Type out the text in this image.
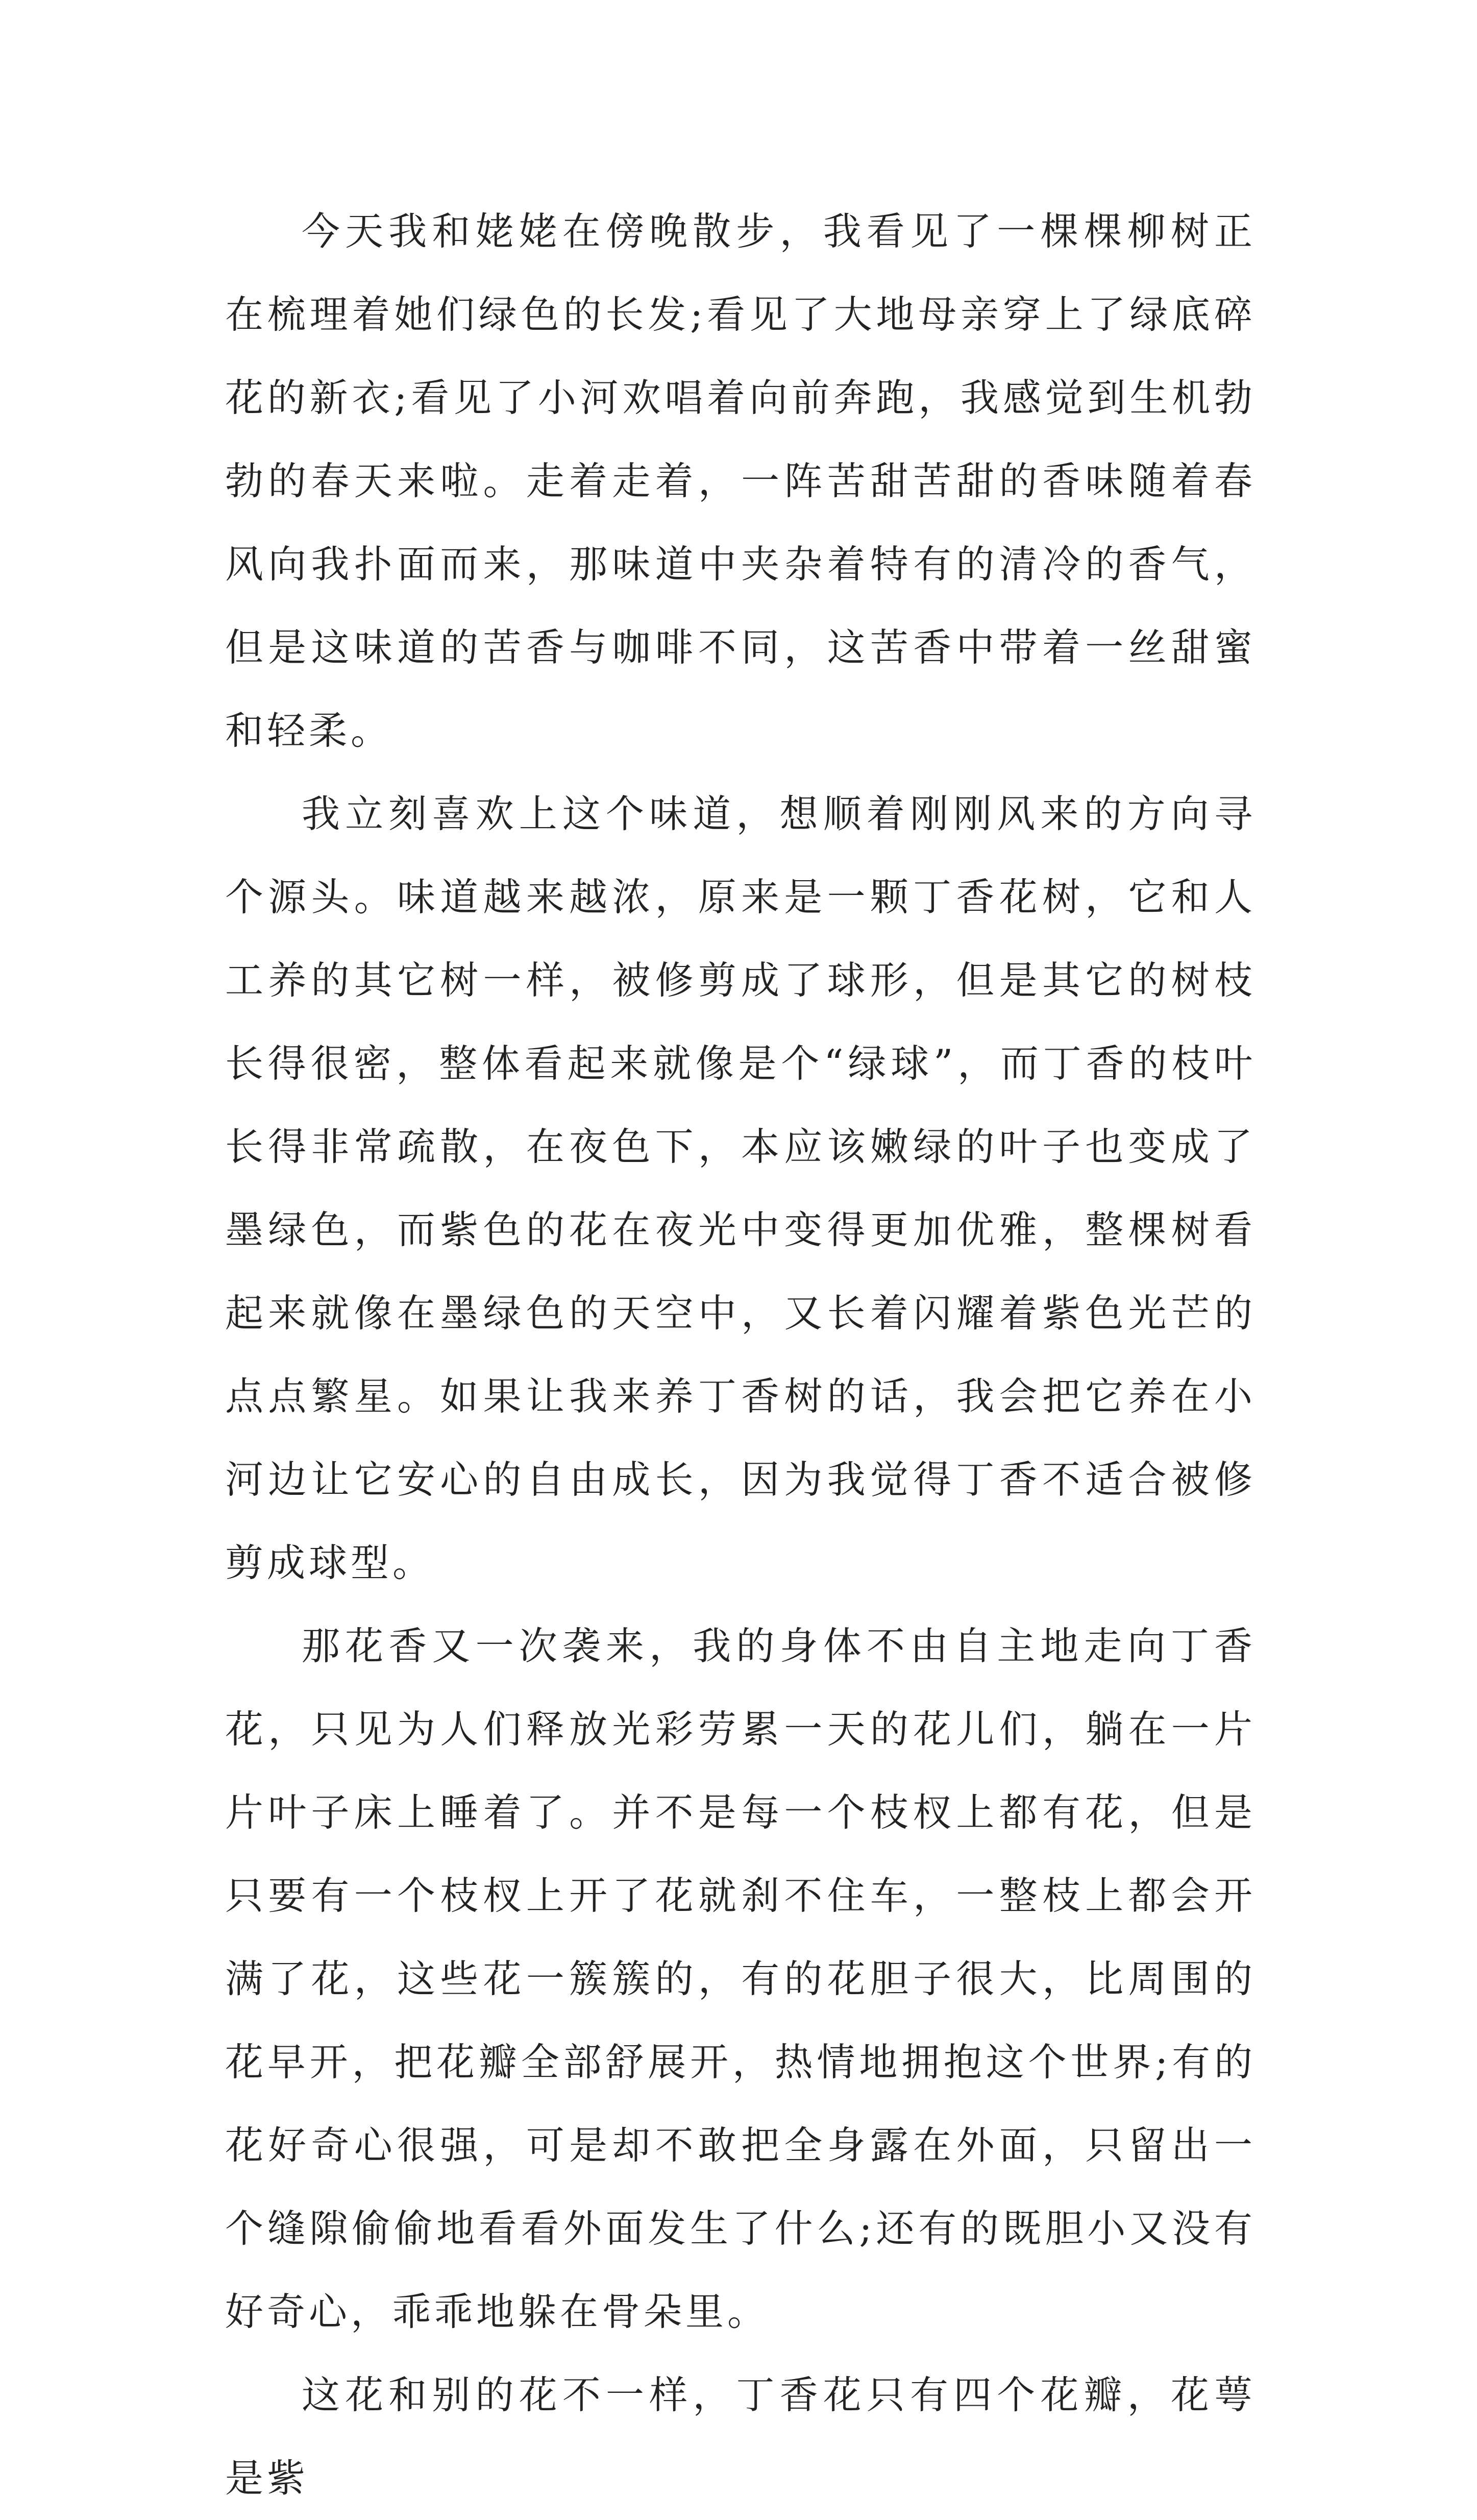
今天我和姥姥在傍晚散步，我看见了一棵棵柳树正在梳理着她们绿色的长发;看见了大地母亲穿上了绿底碎花的新衣;看见了小河欢唱着向前奔跑，我感觉到生机勃勃的春天来啦。走着走着，一阵苦甜苦甜的香味随着春风向我扑面而来，那味道中夹杂着特有的清冷的香气，但是这味道的苦香与咖啡不同，这苦香中带着一丝甜蜜和轻柔。

我立刻喜欢上这个味道，想顺着刚刚风来的方向寻个源头。味道越来越浓，原来是一颗丁香花树，它和人工养的其它树一样，被修剪成了球形，但是其它的树枝长得很密，整体看起来就像是个“绿球”，而丁香的枝叶长得非常疏散，在夜色下，本应该嫩绿的叶子也变成了墨绿色，而紫色的花在夜光中变得更加优雅，整棵树看起来就像在墨绿色的天空中，又长着闪耀着紫色光芒的点点繁星。如果让我来养丁香树的话，我会把它养在小河边让它安心的自由成长，因为我觉得丁香不适合被修剪成球型。

那花香又一次袭来，我的身体不由自主地走向丁香花，只见为人们释放光彩劳累一天的花儿们，躺在一片片叶子床上睡着了。并不是每一个枝杈上都有花，但是只要有一个枝杈上开了花就刹不住车，一整枝上都会开满了花，这些花一簇簇的，有的花胆子很大，比周围的花早开，把花瓣全部舒展开，热情地拥抱这个世界;有的花好奇心很强，可是却不敢把全身露在外面，只留出一个缝隙偷偷地看看外面发生了什么;还有的既胆小又没有好奇心，乖乖地躲在骨朵里。

这花和别的花不一样，丁香花只有四个花瓣，花萼是紫
